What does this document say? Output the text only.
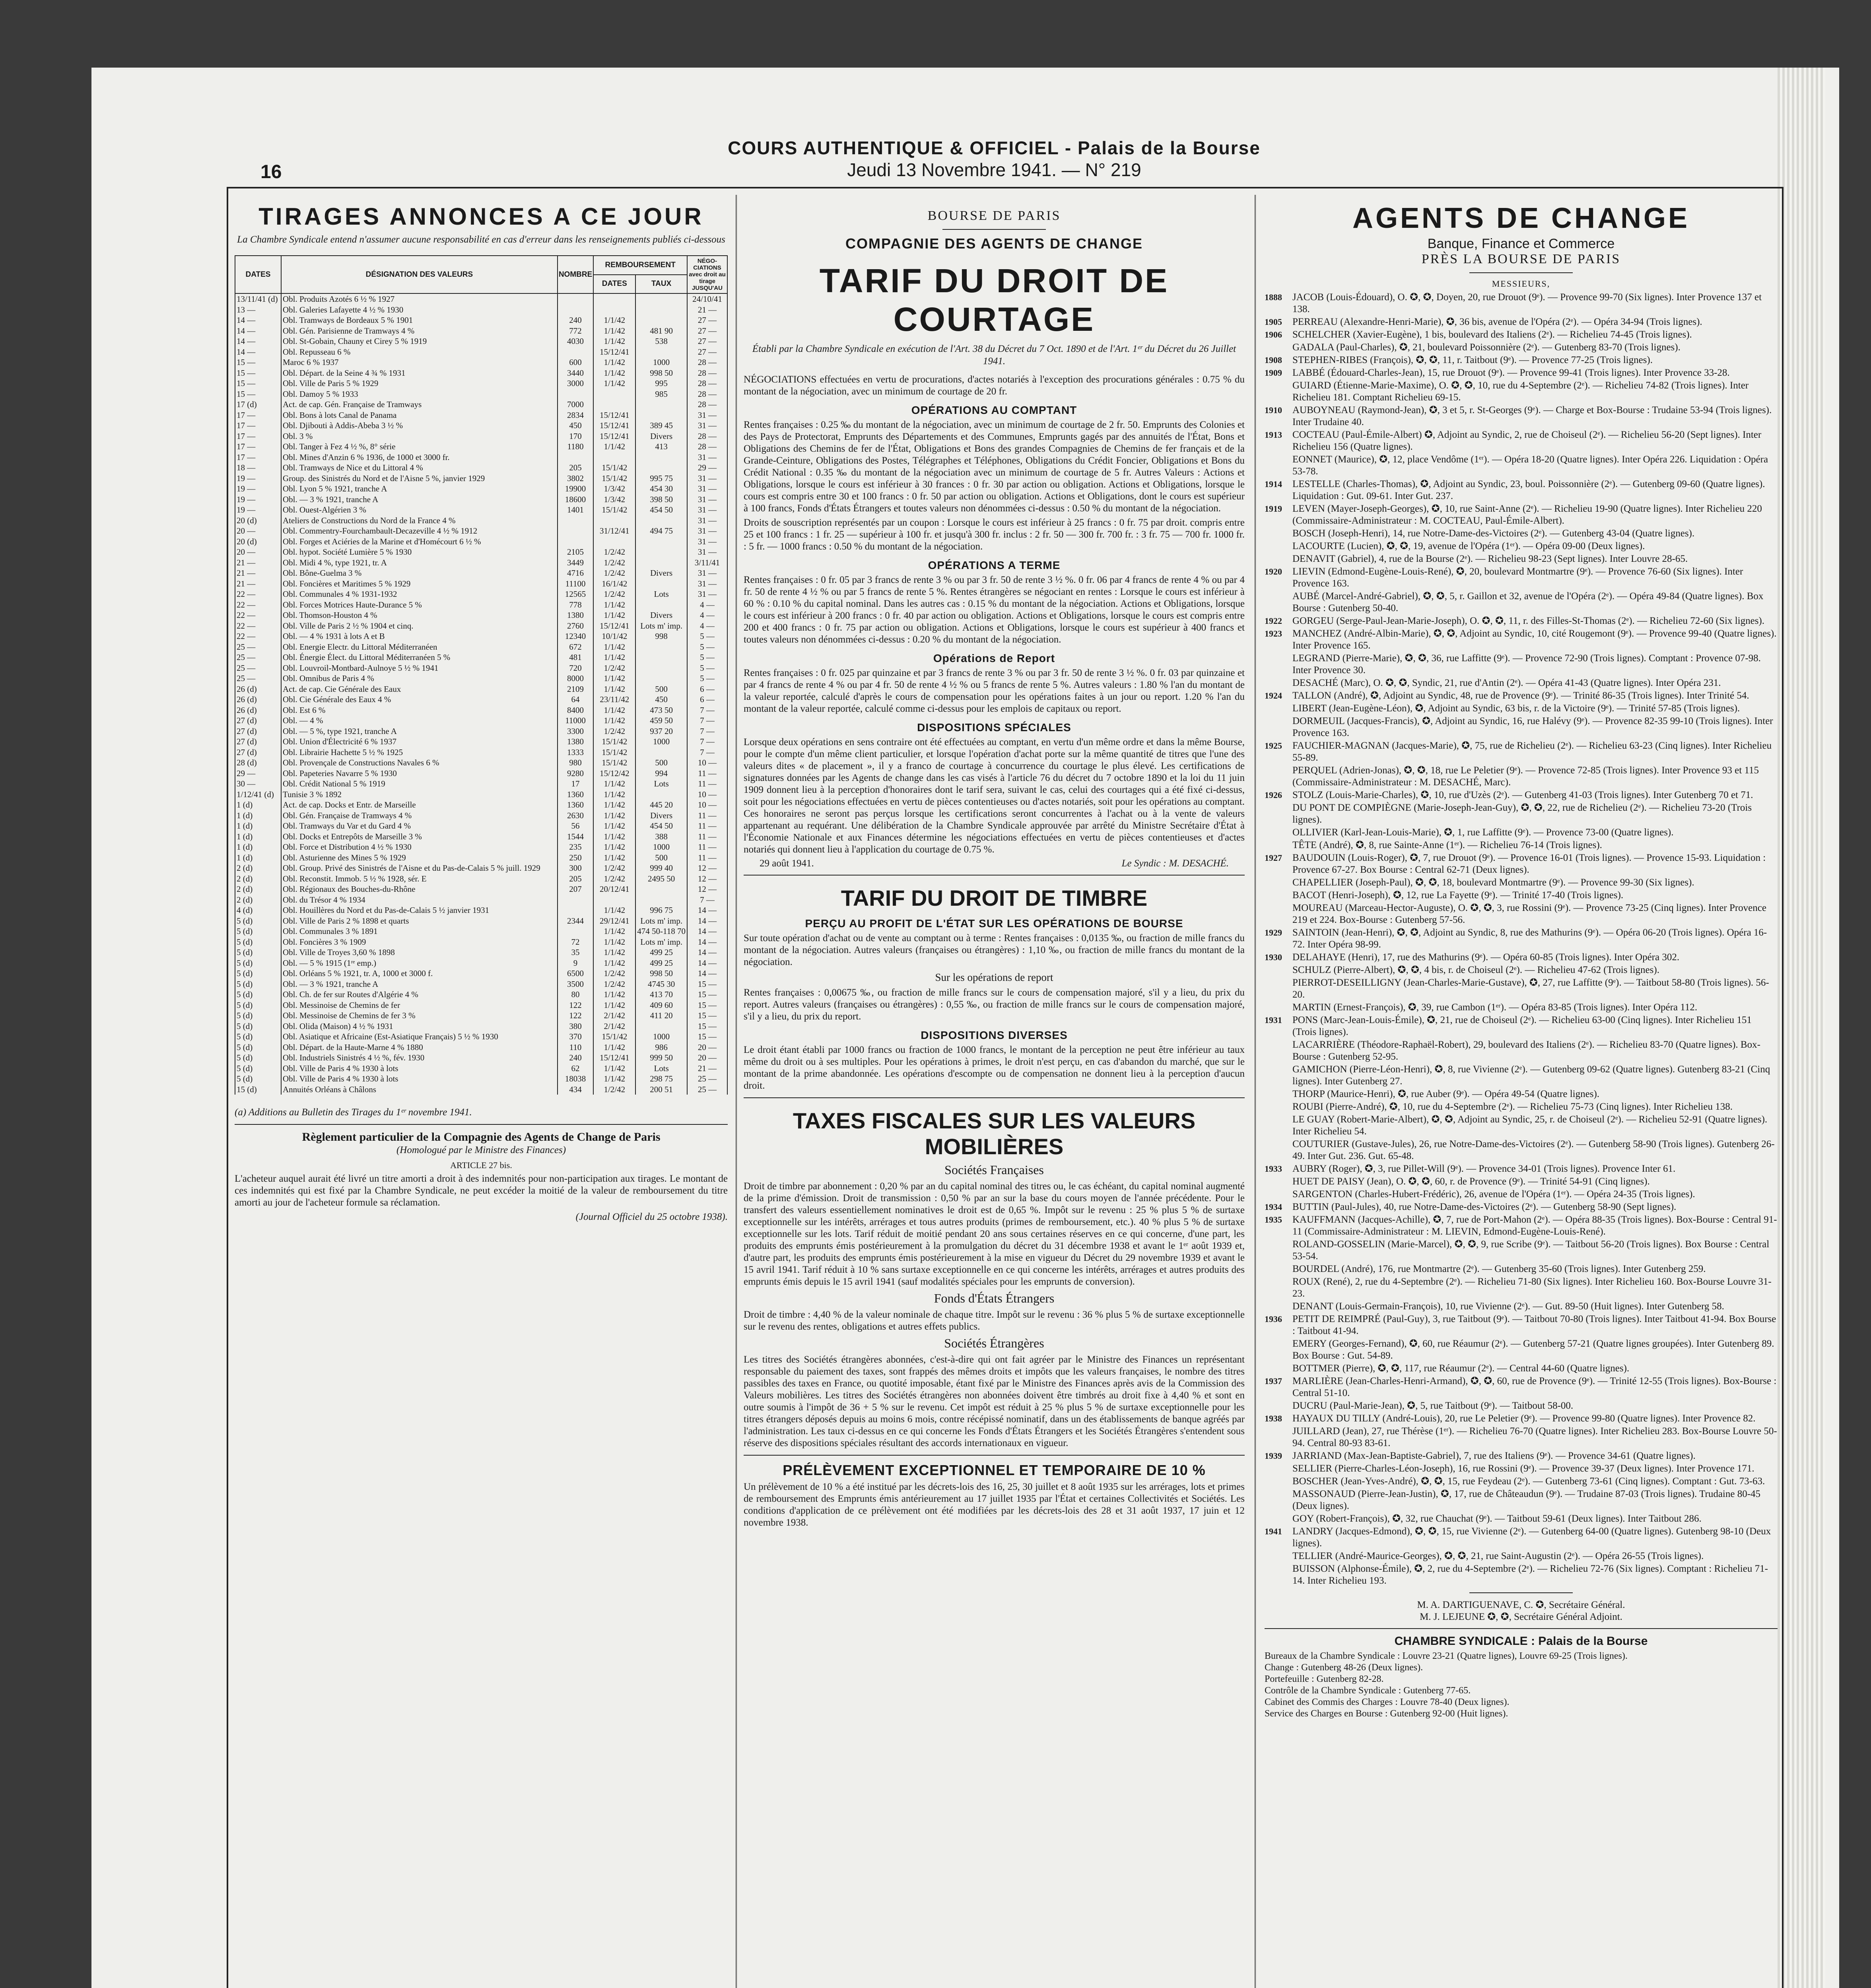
16
COURS AUTHENTIQUE & OFFICIEL - Palais de la Bourse
Jeudi 13 Novembre 1941. — N° 219
TIRAGES ANNONCES A CE JOUR
La Chambre Syndicale entend n'assumer aucune responsabilité en cas d'erreur dans les renseignements publiés ci-dessous
DATES	DÉSIGNATION DES VALEURS	NOMBRE	REMBOURSEMENT		NÉGO-CIATIONS avec droit au tirage JUSQU'AU
			DATES	TAUX	
13/11/41 (d)	Obl. Produits Azotés 6 ½ % 1927				24/10/41
13 —	Obl. Galeries Lafayette 4 ½ % 1930				21 —
14 —	Obl. Tramways de Bordeaux 5 % 1901	240	1/1/42		27 —
14 —	Obl. Gén. Parisienne de Tramways 4 %	772	1/1/42	481 90	27 —
14 —	Obl. St-Gobain, Chauny et Cirey 5 % 1919	4030	1/1/42	538	27 —
14 —	Obl. Repusseau 6 %		15/12/41		27 —
15 —	Maroc 6 % 1937	600	1/1/42	1000	28 —
15 —	Obl. Départ. de la Seine 4 ¾ % 1931	3440	1/1/42	998 50	28 —
15 —	Obl. Ville de Paris 5 % 1929	3000	1/1/42	995	28 —
15 —	Obl. Damoy 5 % 1933			985	28 —
17 (d)	Act. de cap. Gén. Française de Tramways	7000			28 —
17 —	Obl. Bons à lots Canal de Panama	2834	15/12/41		31 —
17 —	Obl. Djibouti à Addis-Abeba 3 ½ %	450	15/12/41	389 45	31 —
17 —	Obl. 3 %	170	15/12/41	Divers	28 —
17 —	Obl. Tanger à Fez 4 ½ %, 8° série	1180	1/1/42	413	28 —
17 —	Obl. Mines d'Anzin 6 % 1936, de 1000 et 3000 fr.				31 —
18 —	Obl. Tramways de Nice et du Littoral 4 %	205	15/1/42		29 —
19 —	Group. des Sinistrés du Nord et de l'Aisne 5 %, janvier 1929	3802	15/1/42	995 75	31 —
19 —	Obl. Lyon 5 % 1921, tranche A	19900	1/3/42	454 30	31 —
19 —	Obl. — 3 % 1921, tranche A	18600	1/3/42	398 50	31 —
19 —	Obl. Ouest-Algérien 3 %	1401	15/1/42	454 50	31 —
20 (d)	Ateliers de Constructions du Nord de la France 4 %				31 —
20 —	Obl. Commentry-Fourchambault-Decazeville 4 ½ % 1912		31/12/41	494 75	31 —
20 (d)	Obl. Forges et Aciéries de la Marine et d'Homécourt 6 ½ %				31 —
20 —	Obl. hypot. Société Lumière 5 % 1930	2105	1/2/42		31 —
21 —	Obl. Midi 4 %, type 1921, tr. A	3449	1/2/42		3/11/41
21 —	Obl. Bône-Guelma 3 %	4716	1/2/42	Divers	31 —
21 —	Obl. Foncières et Maritimes 5 % 1929	11100	16/1/42		31 —
22 —	Obl. Communales 4 % 1931-1932	12565	1/2/42	Lots	31 —
22 —	Obl. Forces Motrices Haute-Durance 5 %	778	1/1/42		4 —
22 —	Obl. Thomson-Houston 4 %	1380	1/1/42	Divers	4 —
22 —	Obl. Ville de Paris 2 ½ % 1904 et cinq.	2760	15/12/41	Lots m' imp.	4 —
22 —	Obl. — 4 % 1931 à lots A et B	12340	10/1/42	998	5 —
25 —	Obl. Energie Electr. du Littoral Méditerranéen	672	1/1/42		5 —
25 —	Obl. Énergie Élect. du Littoral Méditerranéen 5 %	481	1/1/42		5 —
25 —	Obl. Louvroil-Montbard-Aulnoye 5 ½ % 1941	720	1/2/42		5 —
25 —	Obl. Omnibus de Paris 4 %	8000	1/1/42		5 —
26 (d)	Act. de cap. Cie Générale des Eaux	2109	1/1/42	500	6 —
26 (d)	Obl. Cie Générale des Eaux 4 %	64	23/11/42	450	6 —
26 (d)	Obl. Est 6 %	8400	1/1/42	473 50	7 —
27 (d)	Obl. — 4 %	11000	1/1/42	459 50	7 —
27 (d)	Obl. — 5 %, type 1921, tranche A	3300	1/2/42	937 20	7 —
27 (d)	Obl. Union d'Électricité 6 % 1937	1380	15/1/42	1000	7 —
27 (d)	Obl. Librairie Hachette 5 ½ % 1925	1333	15/1/42		7 —
28 (d)	Obl. Provençale de Constructions Navales 6 %	980	15/1/42	500	10 —
29 —	Obl. Papeteries Navarre 5 % 1930	9280	15/12/42	994	11 —
30 —	Obl. Crédit National 5 % 1919	17	1/1/42	Lots	11 —
1/12/41 (d)	Tunisie 3 % 1892	1360	1/1/42		10 —
1 (d)	Act. de cap. Docks et Entr. de Marseille	1360	1/1/42	445 20	10 —
1 (d)	Obl. Gén. Française de Tramways 4 %	2630	1/1/42	Divers	11 —
1 (d)	Obl. Tramways du Var et du Gard 4 %	56	1/1/42	454 50	11 —
1 (d)	Obl. Docks et Entrepôts de Marseille 3 %	1544	1/1/42	388	11 —
1 (d)	Obl. Force et Distribution 4 ½ % 1930	235	1/1/42	1000	11 —
1 (d)	Obl. Asturienne des Mines 5 % 1929	250	1/1/42	500	11 —
2 (d)	Obl. Group. Privé des Sinistrés de l'Aisne et du Pas-de-Calais 5 % juill. 1929	300	1/2/42	999 40	12 —
2 (d)	Obl. Reconstit. Immob. 5 ½ % 1928, sér. E	205	1/2/42	2495 50	12 —
2 (d)	Obl. Régionaux des Bouches-du-Rhône	207	20/12/41		12 —
2 (d)	Obl. du Trésor 4 % 1934				7 —
4 (d)	Obl. Houillères du Nord et du Pas-de-Calais 5 ½ janvier 1931		1/1/42	996 75	14 —
5 (d)	Obl. Ville de Paris 2 % 1898 et quarts	2344	29/12/41	Lots m' imp.	14 —
5 (d)	Obl. Communales 3 % 1891		1/1/42	474 50-118 70	14 —
5 (d)	Obl. Foncières 3 % 1909	72	1/1/42	Lots m' imp.	14 —
5 (d)	Obl. Ville de Troyes 3,60 % 1898	35	1/1/42	499 25	14 —
5 (d)	Obl. — 5 % 1915 (1ʳᵉ emp.)	9	1/1/42	499 25	14 —
5 (d)	Obl. Orléans 5 % 1921, tr. A, 1000 et 3000 f.	6500	1/2/42	998 50	14 —
5 (d)	Obl. — 3 % 1921, tranche A	3500	1/2/42	4745 30	15 —
5 (d)	Obl. Ch. de fer sur Routes d'Algérie 4 %	80	1/1/42	413 70	15 —
5 (d)	Obl. Messinoise de Chemins de fer	122	1/1/42	409 60	15 —
5 (d)	Obl. Messinoise de Chemins de fer 3 %	122	2/1/42	411 20	15 —
5 (d)	Obl. Olida (Maison) 4 ½ % 1931	380	2/1/42		15 —
5 (d)	Obl. Asiatique et Africaine (Est-Asiatique Français) 5 ½ % 1930	370	15/1/42	1000	15 —
5 (d)	Obl. Départ. de la Haute-Marne 4 % 1880	110	1/1/42	986	20 —
5 (d)	Obl. Industriels Sinistrés 4 ½ %, fév. 1930	240	15/12/41	999 50	20 —
5 (d)	Obl. Ville de Paris 4 % 1930 à lots	62	1/1/42	Lots	21 —
5 (d)	Obl. Ville de Paris 4 % 1930 à lots	18038	1/1/42	298 75	25 —
15 (d)	Annuités Orléans à Châlons	434	1/2/42	200 51	25 —
(a) Additions au Bulletin des Tirages du 1ᵉʳ novembre 1941.
Règlement particulier de la Compagnie des Agents de Change de Paris
(Homologué par le Ministre des Finances)
ARTICLE 27 bis.
L'acheteur auquel aurait été livré un titre amorti a droit à des indemnités pour non-participation aux tirages. Le montant de ces indemnités qui est fixé par la Chambre Syndicale, ne peut excéder la moitié de la valeur de remboursement du titre amorti au jour de l'acheteur formule sa réclamation.
(Journal Officiel du 25 octobre 1938).
BOURSE DE PARIS
COMPAGNIE DES AGENTS DE CHANGE
TARIF DU DROIT DE COURTAGE
Établi par la Chambre Syndicale en exécution de l'Art. 38 du Décret du 7 Oct. 1890 et de l'Art. 1ᵉʳ du Décret du 26 Juillet 1941.
NÉGOCIATIONS effectuées en vertu de procurations, d'actes notariés à l'exception des procurations générales : 0.75 % du montant de la négociation, avec un minimum de courtage de 20 fr.
OPÉRATIONS AU COMPTANT
Rentes françaises : 0.25 ‰ du montant de la négociation, avec un minimum de courtage de 2 fr. 50. Emprunts des Colonies et des Pays de Protectorat, Emprunts des Départements et des Communes, Emprunts gagés par des annuités de l'État, Bons et Obligations des Chemins de fer de l'État, Obligations et Bons des grandes Compagnies de Chemins de fer français et de la Grande-Ceinture, Obligations des Postes, Télégraphes et Téléphones, Obligations du Crédit Foncier, Obligations et Bons du Crédit National : 0.35 ‰ du montant de la négociation avec un minimum de courtage de 5 fr. Autres Valeurs : Actions et Obligations, lorsque le cours est inférieur à 30 frances : 0 fr. 30 par action ou obligation. Actions et Obligations, lorsque le cours est compris entre 30 et 100 francs : 0 fr. 50 par action ou obligation. Actions et Obligations, dont le cours est supérieur à 100 francs, Fonds d'États Étrangers et toutes valeurs non dénommées ci-dessus : 0.50 % du montant de la négociation.
Droits de souscription représentés par un coupon : Lorsque le cours est inférieur à 25 francs : 0 fr. 75 par droit. compris entre 25 et 100 francs : 1 fr. 25 — supérieur à 100 fr. et jusqu'à 300 fr. inclus : 2 fr. 50 — 300 fr. 700 fr. : 3 fr. 75 — 700 fr. 1000 fr. : 5 fr. — 1000 francs : 0.50 % du montant de la négociation.
OPÉRATIONS A TERME
Rentes françaises : 0 fr. 05 par 3 francs de rente 3 % ou par 3 fr. 50 de rente 3 ½ %. 0 fr. 06 par 4 francs de rente 4 % ou par 4 fr. 50 de rente 4 ½ % ou par 5 francs de rente 5 %. Rentes étrangères se négociant en rentes : Lorsque le cours est inférieur à 60 % : 0.10 % du capital nominal. Dans les autres cas : 0.15 % du montant de la négociation. Actions et Obligations, lorsque le cours est inférieur à 200 francs : 0 fr. 40 par action ou obligation. Actions et Obligations, lorsque le cours est compris entre 200 et 400 francs : 0 fr. 75 par action ou obligation. Actions et Obligations, lorsque le cours est supérieur à 400 francs et toutes valeurs non dénommées ci-dessus : 0.20 % du montant de la négociation.
Opérations de Report
Rentes françaises : 0 fr. 025 par quinzaine et par 3 francs de rente 3 % ou par 3 fr. 50 de rente 3 ½ %. 0 fr. 03 par quinzaine et par 4 francs de rente 4 % ou par 4 fr. 50 de rente 4 ½ % ou 5 francs de rente 5 %. Autres valeurs : 1.80 % l'an du montant de la valeur reportée, calculé d'après le cours de compensation pour les opérations faites à un jour ou report. 1.20 % l'an du montant de la valeur reportée, calculé comme ci-dessus pour les emplois de capitaux ou report.
DISPOSITIONS SPÉCIALES
Lorsque deux opérations en sens contraire ont été effectuées au comptant, en vertu d'un même ordre et dans la même Bourse, pour le compte d'un même client particulier, et lorsque l'opération d'achat porte sur la même quantité de titres que l'une des valeurs dites « de placement », il y a franco de courtage à concurrence du courtage le plus élevé. Les certifications de signatures données par les Agents de change dans les cas visés à l'article 76 du décret du 7 octobre 1890 et la loi du 11 juin 1909 donnent lieu à la perception d'honoraires dont le tarif sera, suivant le cas, celui des courtages qui a été fixé ci-dessus, soit pour les négociations effectuées en vertu de pièces contentieuses ou d'actes notariés, soit pour les opérations au comptant. Ces honoraires ne seront pas perçus lorsque les certifications seront concurrentes à l'achat ou à la vente de valeurs appartenant au requérant. Une délibération de la Chambre Syndicale approuvée par arrêté du Ministre Secrétaire d'État à l'Économie Nationale et aux Finances détermine les négociations effectuées en vertu de pièces contentieuses et d'actes notariés qui donnent lieu à l'application du courtage de 0.75 %.
29 août 1941.	Le Syndic : M. DESACHÉ.
TARIF DU DROIT DE TIMBRE
PERÇU AU PROFIT DE L'ÉTAT SUR LES OPÉRATIONS DE BOURSE
Sur toute opération d'achat ou de vente au comptant ou à terme : Rentes françaises : 0,0135 ‰, ou fraction de mille francs du montant de la négociation. Autres valeurs (françaises ou étrangères) : 1,10 ‰, ou fraction de mille francs du montant de la négociation.
Sur les opérations de report
Rentes françaises : 0,00675 ‰, ou fraction de mille francs sur le cours de compensation majoré, s'il y a lieu, du prix du report. Autres valeurs (françaises ou étrangères) : 0,55 ‰, ou fraction de mille francs sur le cours de compensation majoré, s'il y a lieu, du prix du report.
DISPOSITIONS DIVERSES
Le droit étant établi par 1000 francs ou fraction de 1000 francs, le montant de la perception ne peut être inférieur au taux même du droit ou à ses multiples. Pour les opérations à primes, le droit n'est perçu, en cas d'abandon du marché, que sur le montant de la prime abandonnée. Les opérations d'escompte ou de compensation ne donnent lieu à la perception d'aucun droit.
TAXES FISCALES SUR LES VALEURS MOBILIÈRES
Sociétés Françaises
Droit de timbre par abonnement : 0,20 % par an du capital nominal des titres ou, le cas échéant, du capital nominal augmenté de la prime d'émission. Droit de transmission : 0,50 % par an sur la base du cours moyen de l'année précédente. Pour le transfert des valeurs essentiellement nominatives le droit est de 0,65 %. Impôt sur le revenu : 25 % plus 5 % de surtaxe exceptionnelle sur les intérêts, arrérages et tous autres produits (primes de remboursement, etc.). 40 % plus 5 % de surtaxe exceptionnelle sur les lots. Tarif réduit de moitié pendant 20 ans sous certaines réserves en ce qui concerne, d'une part, les produits des emprunts émis postérieurement à la promulgation du décret du 31 décembre 1938 et avant le 1ᵉʳ août 1939 et, d'autre part, les produits des emprunts émis postérieurement à la mise en vigueur du Décret du 29 novembre 1939 et avant le 15 avril 1941. Tarif réduit à 10 % sans surtaxe exceptionnelle en ce qui concerne les intérêts, arrérages et autres produits des emprunts émis depuis le 15 avril 1941 (sauf modalités spéciales pour les emprunts de conversion).
Fonds d'États Étrangers
Droit de timbre : 4,40 % de la valeur nominale de chaque titre. Impôt sur le revenu : 36 % plus 5 % de surtaxe exceptionnelle sur le revenu des rentes, obligations et autres effets publics.
Sociétés Étrangères
Les titres des Sociétés étrangères abonnées, c'est-à-dire qui ont fait agréer par le Ministre des Finances un représentant responsable du paiement des taxes, sont frappés des mêmes droits et impôts que les valeurs françaises, le nombre des titres passibles des taxes en France, ou quotité imposable, étant fixé par le Ministre des Finances après avis de la Commission des Valeurs mobilières. Les titres des Sociétés étrangères non abonnées doivent être timbrés au droit fixe à 4,40 % et sont en outre soumis à l'impôt de 36 + 5 % sur le revenu. Cet impôt est réduit à 25 % plus 5 % de surtaxe exceptionnelle pour les titres étrangers déposés depuis au moins 6 mois, contre récépissé nominatif, dans un des établissements de banque agréés par l'administration. Les taux ci-dessus en ce qui concerne les Fonds d'États Étrangers et les Sociétés Étrangères s'entendent sous réserve des dispositions spéciales résultant des accords internationaux en vigueur.
PRÉLÈVEMENT EXCEPTIONNEL ET TEMPORAIRE DE 10 %
Un prélèvement de 10 % a été institué par les décrets-lois des 16, 25, 30 juillet et 8 août 1935 sur les arrérages, lots et primes de remboursement des Emprunts émis antérieurement au 17 juillet 1935 par l'État et certaines Collectivités et Sociétés. Les conditions d'application de ce prélèvement ont été modifiées par les décrets-lois des 28 et 31 août 1937, 17 juin et 12 novembre 1938.
AGENTS DE CHANGE
Banque, Finance et Commerce
PRÈS LA BOURSE DE PARIS
MESSIEURS,
1888	JACOB (Louis-Édouard), O. ✪, ✪, Doyen, 20, rue Drouot (9ᵉ). — Provence 99-70 (Six lignes). Inter Provence 137 et 138.
1905	PERREAU (Alexandre-Henri-Marie), ✪, 36 bis, avenue de l'Opéra (2ᵉ). — Opéra 34-94 (Trois lignes).
1906	SCHELCHER (Xavier-Eugène), 1 bis, boulevard des Italiens (2ᵉ). — Richelieu 74-45 (Trois lignes).
GADALA (Paul-Charles), ✪, 21, boulevard Poissonnière (2ᵉ). — Gutenberg 83-70 (Trois lignes).
1908	STEPHEN-RIBES (François), ✪, ✪, 11, r. Taitbout (9ᵉ). — Provence 77-25 (Trois lignes).
1909	LABBÉ (Édouard-Charles-Jean), 15, rue Drouot (9ᵉ). — Provence 99-41 (Trois lignes). Inter Provence 33-28.
GUIARD (Étienne-Marie-Maxime), O. ✪, ✪, 10, rue du 4-Septembre (2ᵉ). — Richelieu 74-82 (Trois lignes). Inter Richelieu 181. Comptant Richelieu 69-15.
1910	AUBOYNEAU (Raymond-Jean), ✪, 3 et 5, r. St-Georges (9ᵉ). — Charge et Box-Bourse : Trudaine 53-94 (Trois lignes). Inter Trudaine 40.
1913	COCTEAU (Paul-Émile-Albert) ✪, Adjoint au Syndic, 2, rue de Choiseul (2ᵉ). — Richelieu 56-20 (Sept lignes). Inter Richelieu 156 (Quatre lignes).
EONNET (Maurice), ✪, 12, place Vendôme (1ᵉʳ). — Opéra 18-20 (Quatre lignes). Inter Opéra 226. Liquidation : Opéra 53-78.
1914	LESTELLE (Charles-Thomas), ✪, Adjoint au Syndic, 23, boul. Poissonnière (2ᵉ). — Gutenberg 09-60 (Quatre lignes). Liquidation : Gut. 09-61. Inter Gut. 237.
1919	LEVEN (Mayer-Joseph-Georges), ✪, 10, rue Saint-Anne (2ᵉ). — Richelieu 19-90 (Quatre lignes). Inter Richelieu 220 (Commissaire-Administrateur : M. COCTEAU, Paul-Émile-Albert).
BOSCH (Joseph-Henri), 14, rue Notre-Dame-des-Victoires (2ᵉ). — Gutenberg 43-04 (Quatre lignes).
LACOURTE (Lucien), ✪, ✪, 19, avenue de l'Opéra (1ᵉʳ). — Opéra 09-00 (Deux lignes).
DENAVIT (Gabriel), 4, rue de la Bourse (2ᵉ). — Richelieu 98-23 (Sept lignes). Inter Louvre 28-65.
1920	LIEVIN (Edmond-Eugène-Louis-René), ✪, 20, boulevard Montmartre (9ᵉ). — Provence 76-60 (Six lignes). Inter Provence 163.
AUBÉ (Marcel-André-Gabriel), ✪, ✪, 5, r. Gaillon et 32, avenue de l'Opéra (2ᵉ). — Opéra 49-84 (Quatre lignes). Box Bourse : Gutenberg 50-40.
1922	GORGEU (Serge-Paul-Jean-Marie-Joseph), O. ✪, ✪, 11, r. des Filles-St-Thomas (2ᵉ). — Richelieu 72-60 (Six lignes).
1923	MANCHEZ (André-Albin-Marie), ✪, ✪, Adjoint au Syndic, 10, cité Rougemont (9ᵉ). — Provence 99-40 (Quatre lignes). Inter Provence 165.
LEGRAND (Pierre-Marie), ✪, ✪, 36, rue Laffitte (9ᵉ). — Provence 72-90 (Trois lignes). Comptant : Provence 07-98. Inter Provence 30.
DESACHÉ (Marc), O. ✪, ✪, Syndic, 21, rue d'Antin (2ᵉ). — Opéra 41-43 (Quatre lignes). Inter Opéra 231.
1924	TALLON (André), ✪, Adjoint au Syndic, 48, rue de Provence (9ᵉ). — Trinité 86-35 (Trois lignes). Inter Trinité 54.
LIBERT (Jean-Eugène-Léon), ✪, Adjoint au Syndic, 63 bis, r. de la Victoire (9ᵉ). — Trinité 57-85 (Trois lignes).
DORMEUIL (Jacques-Francis), ✪, Adjoint au Syndic, 16, rue Halévy (9ᵉ). — Provence 82-35 99-10 (Trois lignes). Inter Provence 163.
1925	FAUCHIER-MAGNAN (Jacques-Marie), ✪, 75, rue de Richelieu (2ᵉ). — Richelieu 63-23 (Cinq lignes). Inter Richelieu 55-89.
PERQUEL (Adrien-Jonas), ✪, ✪, 18, rue Le Peletier (9ᵉ). — Provence 72-85 (Trois lignes). Inter Provence 93 et 115 (Commissaire-Administrateur : M. DESACHÉ, Marc).
1926	STOLZ (Louis-Marie-Charles), ✪, 10, rue d'Uzès (2ᵉ). — Gutenberg 41-03 (Trois lignes). Inter Gutenberg 70 et 71.
DU PONT DE COMPIÈGNE (Marie-Joseph-Jean-Guy), ✪, ✪, 22, rue de Richelieu (2ᵉ). — Richelieu 73-20 (Trois lignes).
OLLIVIER (Karl-Jean-Louis-Marie), ✪, 1, rue Laffitte (9ᵉ). — Provence 73-00 (Quatre lignes).
TÊTE (André), ✪, 8, rue Sainte-Anne (1ᵉʳ). — Richelieu 76-14 (Trois lignes).
1927	BAUDOUIN (Louis-Roger), ✪, 7, rue Drouot (9ᵉ). — Provence 16-01 (Trois lignes). — Provence 15-93. Liquidation : Provence 67-27. Box Bourse : Central 62-71 (Deux lignes).
CHAPELLIER (Joseph-Paul), ✪, ✪, 18, boulevard Montmartre (9ᵉ). — Provence 99-30 (Six lignes).
BACOT (Henri-Joseph), ✪, 12, rue La Fayette (9ᵉ). — Trinité 17-40 (Trois lignes).
MOUREAU (Marceau-Hector-Auguste), O. ✪, ✪, 3, rue Rossini (9ᵉ). — Provence 73-25 (Cinq lignes). Inter Provence 219 et 224. Box-Bourse : Gutenberg 57-56.
1929	SAINTOIN (Jean-Henri), ✪, ✪, Adjoint au Syndic, 8, rue des Mathurins (9ᵉ). — Opéra 06-20 (Trois lignes). Opéra 16-72. Inter Opéra 98-99.
1930	DELAHAYE (Henri), 17, rue des Mathurins (9ᵉ). — Opéra 60-85 (Trois lignes). Inter Opéra 302.
SCHULZ (Pierre-Albert), ✪, ✪, 4 bis, r. de Choiseul (2ᵉ). — Richelieu 47-62 (Trois lignes).
PIERROT-DESEILLIGNY (Jean-Charles-Marie-Gustave), ✪, 27, rue Laffitte (9ᵉ). — Taitbout 58-80 (Trois lignes). 56-20.
MARTIN (Ernest-François), ✪, 39, rue Cambon (1ᵉʳ). — Opéra 83-85 (Trois lignes). Inter Opéra 112.
1931	PONS (Marc-Jean-Louis-Émile), ✪, 21, rue de Choiseul (2ᵉ). — Richelieu 63-00 (Cinq lignes). Inter Richelieu 151 (Trois lignes).
LACARRIÈRE (Théodore-Raphaël-Robert), 29, boulevard des Italiens (2ᵉ). — Richelieu 83-70 (Quatre lignes). Box-Bourse : Gutenberg 52-95.
GAMICHON (Pierre-Léon-Henri), ✪, 8, rue Vivienne (2ᵉ). — Gutenberg 09-62 (Quatre lignes). Gutenberg 83-21 (Cinq lignes). Inter Gutenberg 27.
THORP (Maurice-Henri), ✪, rue Auber (9ᵉ). — Opéra 49-54 (Quatre lignes).
ROUBI (Pierre-André), ✪, 10, rue du 4-Septembre (2ᵉ). — Richelieu 75-73 (Cinq lignes). Inter Richelieu 138.
LE GUAY (Robert-Marie-Albert), ✪, ✪, Adjoint au Syndic, 25, r. de Choiseul (2ᵉ). — Richelieu 52-91 (Quatre lignes). Inter Richelieu 54.
COUTURIER (Gustave-Jules), 26, rue Notre-Dame-des-Victoires (2ᵉ). — Gutenberg 58-90 (Trois lignes). Gutenberg 26-49. Inter Gut. 236. Gut. 65-48.
1933	AUBRY (Roger), ✪, 3, rue Pillet-Will (9ᵉ). — Provence 34-01 (Trois lignes). Provence Inter 61.
HUET DE PAISY (Jean), O. ✪, ✪, 60, r. de Provence (9ᵉ). — Trinité 54-91 (Cinq lignes).
SARGENTON (Charles-Hubert-Frédéric), 26, avenue de l'Opéra (1ᵉʳ). — Opéra 24-35 (Trois lignes).
1934	BUTTIN (Paul-Jules), 40, rue Notre-Dame-des-Victoires (2ᵉ). — Gutenberg 58-90 (Sept lignes).
1935	KAUFFMANN (Jacques-Achille), ✪, 7, rue de Port-Mahon (2ᵉ). — Opéra 88-35 (Trois lignes). Box-Bourse : Central 91-11 (Commissaire-Administrateur : M. LIEVIN, Edmond-Eugène-Louis-René).
ROLAND-GOSSELIN (Marie-Marcel), ✪, ✪, 9, rue Scribe (9ᵉ). — Taitbout 56-20 (Trois lignes). Box Bourse : Central 53-54.
BOURDEL (André), 176, rue Montmartre (2ᵉ). — Gutenberg 35-60 (Trois lignes). Inter Gutenberg 259.
ROUX (René), 2, rue du 4-Septembre (2ᵉ). — Richelieu 71-80 (Six lignes). Inter Richelieu 160. Box-Bourse Louvre 31-23.
DENANT (Louis-Germain-François), 10, rue Vivienne (2ᵉ). — Gut. 89-50 (Huit lignes). Inter Gutenberg 58.
1936	PETIT DE REIMPRÉ (Paul-Guy), 3, rue Taitbout (9ᵉ). — Taitbout 70-80 (Trois lignes). Inter Taitbout 41-94. Box Bourse : Taitbout 41-94.
EMERY (Georges-Fernand), ✪, 60, rue Réaumur (2ᵉ). — Gutenberg 57-21 (Quatre lignes groupées). Inter Gutenberg 89. Box Bourse : Gut. 54-89.
BOTTMER (Pierre), ✪, ✪, 117, rue Réaumur (2ᵉ). — Central 44-60 (Quatre lignes).
1937	MARLIÈRE (Jean-Charles-Henri-Armand), ✪, ✪, 60, rue de Provence (9ᵉ). — Trinité 12-55 (Trois lignes). Box-Bourse : Central 51-10.
DUCRU (Paul-Marie-Jean), ✪, 5, rue Taitbout (9ᵉ). — Taitbout 58-00.
1938	HAYAUX DU TILLY (André-Louis), 20, rue Le Peletier (9ᵉ). — Provence 99-80 (Quatre lignes). Inter Provence 82.
JUILLARD (Jean), 27, rue Thérèse (1ᵉʳ). — Richelieu 76-70 (Quatre lignes). Inter Richelieu 283. Box-Bourse Louvre 50-94. Central 80-93 83-61.
1939	JARRIAND (Max-Jean-Baptiste-Gabriel), 7, rue des Italiens (9ᵉ). — Provence 34-61 (Quatre lignes).
SELLIER (Pierre-Charles-Léon-Joseph), 16, rue Rossini (9ᵉ). — Provence 39-37 (Deux lignes). Inter Provence 171.
BOSCHER (Jean-Yves-André), ✪, ✪, 15, rue Feydeau (2ᵉ). — Gutenberg 73-61 (Cinq lignes). Comptant : Gut. 73-63.
MASSONAUD (Pierre-Jean-Justin), ✪, 17, rue de Châteaudun (9ᵉ). — Trudaine 87-03 (Trois lignes). Trudaine 80-45 (Deux lignes).
GOY (Robert-François), ✪, 32, rue Chauchat (9ᵉ). — Taitbout 59-61 (Deux lignes). Inter Taitbout 286.
1941	LANDRY (Jacques-Edmond), ✪, ✪, 15, rue Vivienne (2ᵉ). — Gutenberg 64-00 (Quatre lignes). Gutenberg 98-10 (Deux lignes).
TELLIER (André-Maurice-Georges), ✪, ✪, 21, rue Saint-Augustin (2ᵉ). — Opéra 26-55 (Trois lignes).
BUISSON (Alphonse-Émile), ✪, 2, rue du 4-Septembre (2ᵉ). — Richelieu 72-76 (Six lignes). Comptant : Richelieu 71-14. Inter Richelieu 193.
M. A. DARTIGUENAVE, C. ✪, Secrétaire Général.
M. J. LEJEUNE ✪, ✪, Secrétaire Général Adjoint.
CHAMBRE SYNDICALE : Palais de la Bourse
Bureaux de la Chambre Syndicale : Louvre 23-21 (Quatre lignes), Louvre 69-25 (Trois lignes).
Change : Gutenberg 48-26 (Deux lignes).
Portefeuille : Gutenberg 82-28.
Contrôle de la Chambre Syndicale : Gutenberg 77-65.
Cabinet des Commis des Charges : Louvre 78-40 (Deux lignes).
Service des Charges en Bourse : Gutenberg 92-00 (Huit lignes).
